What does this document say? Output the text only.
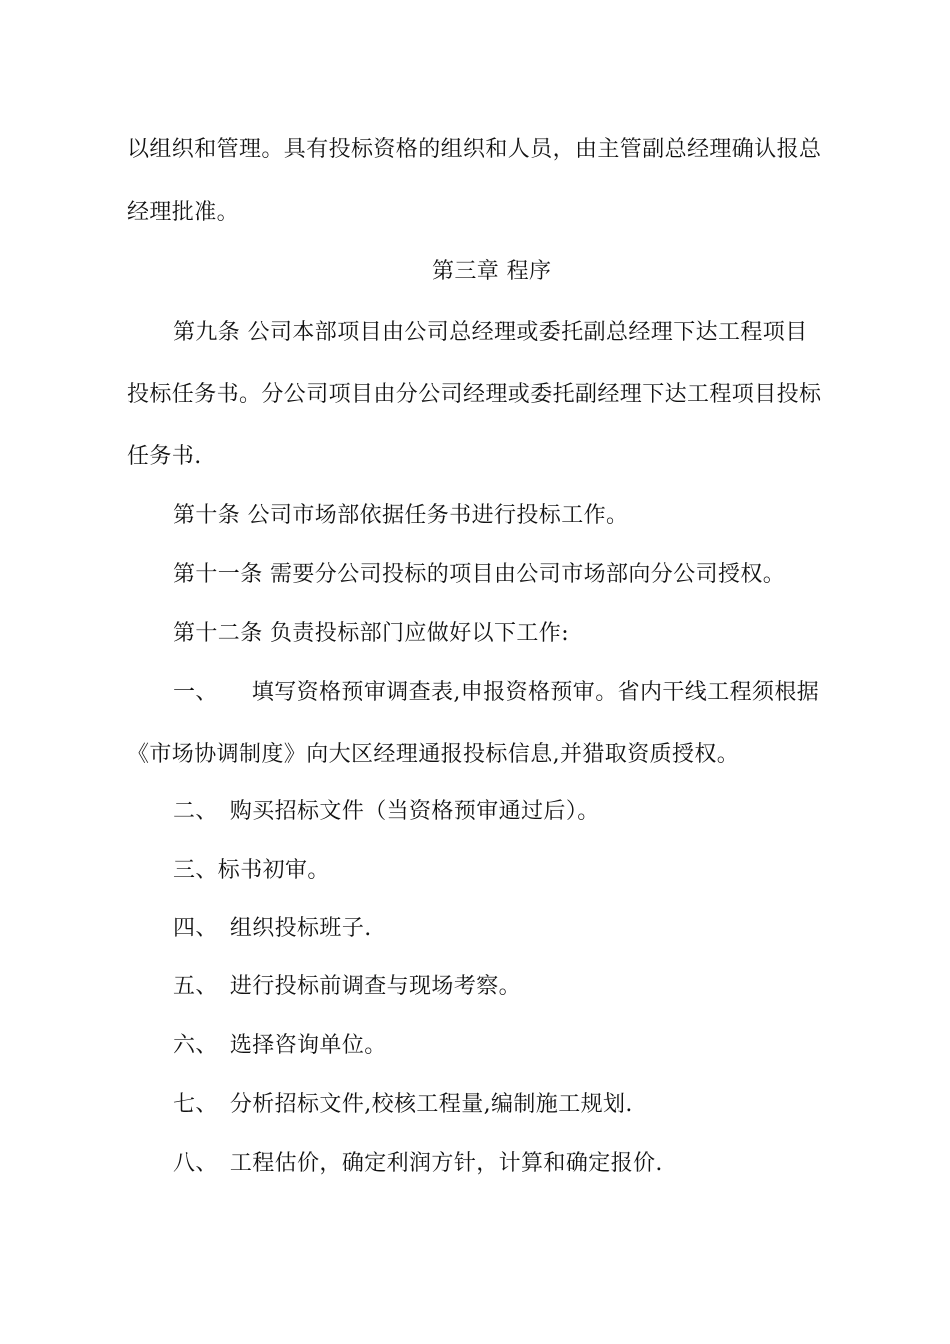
以组织和管理。具有投标资格的组织和人员，由主管副总经理确认报总
经理批准。
第三章 程序
第九条 公司本部项目由公司总经理或委托副总经理下达工程项目
投标任务书。分公司项目由分公司经理或委托副经理下达工程项目投标
任务书.
第十条 公司市场部依据任务书进行投标工作。
第十一条 需要分公司投标的项目由公司市场部向分公司授权。
第十二条 负责投标部门应做好以下工作:
一、 填写资格预审调查表,申报资格预审。省内干线工程须根据
《市场协调制度》向大区经理通报投标信息,并猎取资质授权。
二、 购买招标文件（当资格预审通过后）。
三、标书初审。
四、 组织投标班子.
五、 进行投标前调查与现场考察。
六、 选择咨询单位。
七、 分析招标文件,校核工程量,编制施工规划.
八、 工程估价，确定利润方针，计算和确定报价.
